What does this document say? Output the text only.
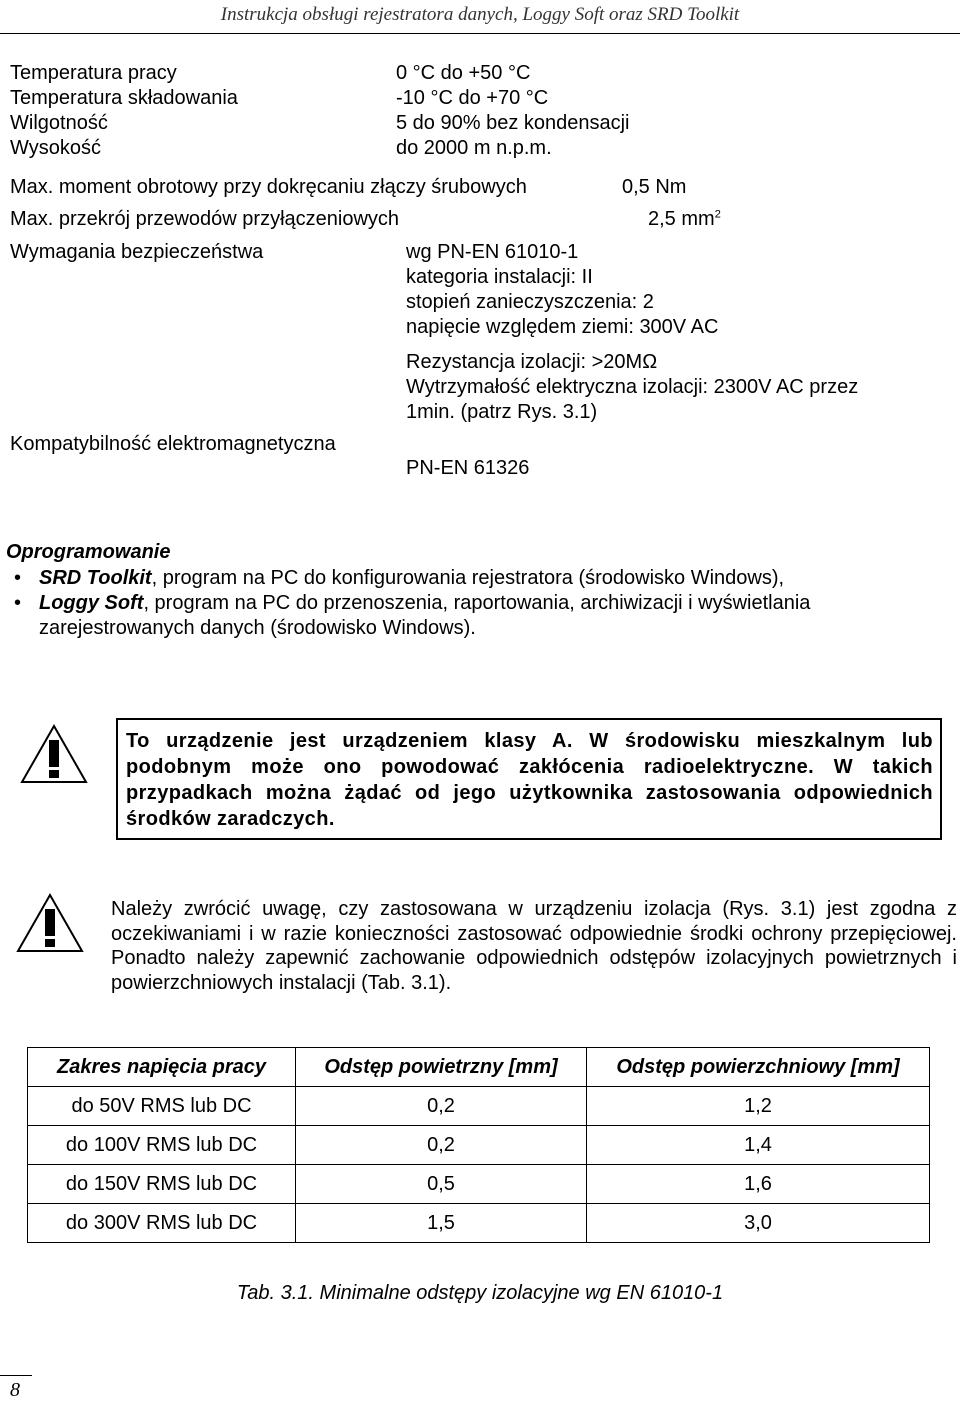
Instrukcja obsługi rejestratora danych, Loggy Soft oraz SRD Toolkit
Temperatura pracy	0 °C do +50 °C
Temperatura składowania	-10 °C do +70 °C
Wilgotność	5 do 90% bez kondensacji
Wysokość	do 2000 m n.p.m.
Max. moment obrotowy przy dokręcaniu złączy śrubowych	0,5 Nm
Max. przekrój przewodów przyłączeniowych	2,5 $mm^2$
Wymagania bezpieczeństwa	wg PN-EN 61010-1
kategoria instalacji: II
stopień zanieczyszczenia: 2
napięcie względem ziemi: 300V AC
Rezystancja izolacji: >20MΩ
Wytrzymałość elektryczna izolacji: 2300V AC przez
1min. (patrz Rys. 3.1)
Kompatybilność elektromagnetyczna
PN-EN 61326
Oprogramowanie
• SRD Toolkit, program na PC do konfigurowania rejestratora (środowisko Windows),
• Loggy Soft, program na PC do przenoszenia, raportowania, archiwizacji i wyświetlania
zarejestrowanych danych (środowisko Windows).

To urządzenie jest urządzeniem klasy A. W środowisku mieszkalnym lub podobnym może ono powodować zakłócenia radioelektryczne. W takich przypadkach można żądać od jego użytkownika zastosowania odpowiednich środków zaradczych.

Należy zwrócić uwagę, czy zastosowana w urządzeniu izolacja (Rys. 3.1) jest zgodna z oczekiwaniami i w razie konieczności zastosować odpowiednie środki ochrony przepięciowej. Ponadto należy zapewnić zachowanie odpowiednich odstępów izolacyjnych powietrznych i powierzchniowych instalacji (Tab. 3.1).

Zakres napięcia pracy	Odstęp powietrzny [mm]	Odstęp powierzchniowy [mm]
do 50V RMS lub DC	0,2	1,2
do 100V RMS lub DC	0,2	1,4
do 150V RMS lub DC	0,5	1,6
do 300V RMS lub DC	1,5	3,0
Tab. 3.1. Minimalne odstępy izolacyjne wg EN 61010-1
8
